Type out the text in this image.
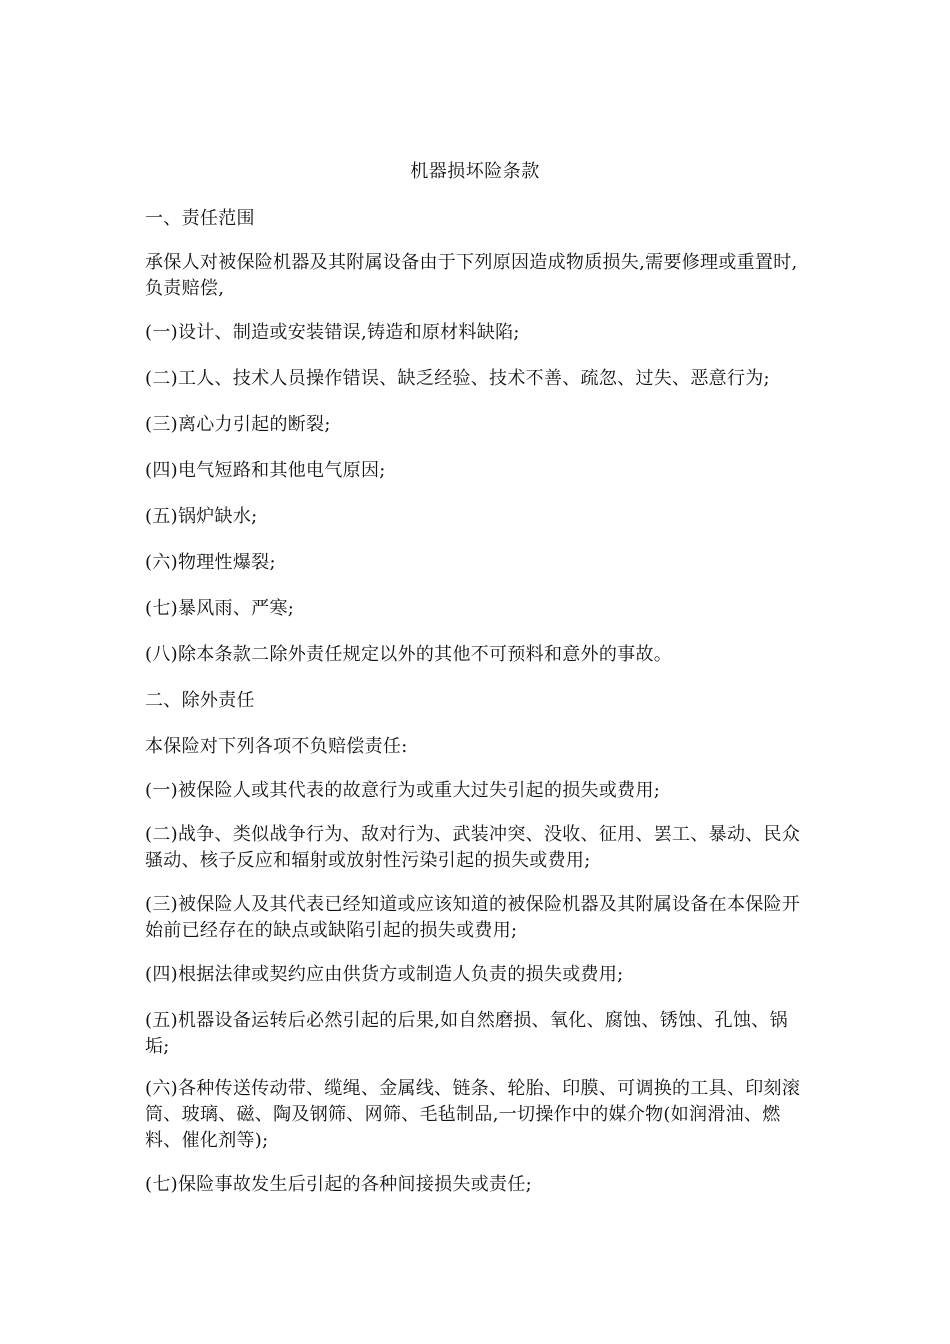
机器损坏险条款
一、责任范围
承保人对被保险机器及其附属设备由于下列原因造成物质损失,需要修理或重置时,负责赔偿,
(一)设计、制造或安装错误,铸造和原材料缺陷;
(二)工人、技术人员操作错误、缺乏经验、技术不善、疏忽、过失、恶意行为;
(三)离心力引起的断裂;
(四)电气短路和其他电气原因;
(五)锅炉缺水;
(六)物理性爆裂;
(七)暴风雨、严寒;
(八)除本条款二除外责任规定以外的其他不可预料和意外的事故。
二、除外责任
本保险对下列各项不负赔偿责任:
(一)被保险人或其代表的故意行为或重大过失引起的损失或费用;
(二)战争、类似战争行为、敌对行为、武装冲突、没收、征用、罢工、暴动、民众骚动、核子反应和辐射或放射性污染引起的损失或费用;
(三)被保险人及其代表已经知道或应该知道的被保险机器及其附属设备在本保险开始前已经存在的缺点或缺陷引起的损失或费用;
(四)根据法律或契约应由供货方或制造人负责的损失或费用;
(五)机器设备运转后必然引起的后果,如自然磨损、氧化、腐蚀、锈蚀、孔蚀、锅垢;
(六)各种传送传动带、缆绳、金属线、链条、轮胎、印膜、可调换的工具、印刻滚筒、玻璃、磁、陶及钢筛、网筛、毛毡制品,一切操作中的媒介物(如润滑油、燃料、催化剂等);
(七)保险事故发生后引起的各种间接损失或责任;
